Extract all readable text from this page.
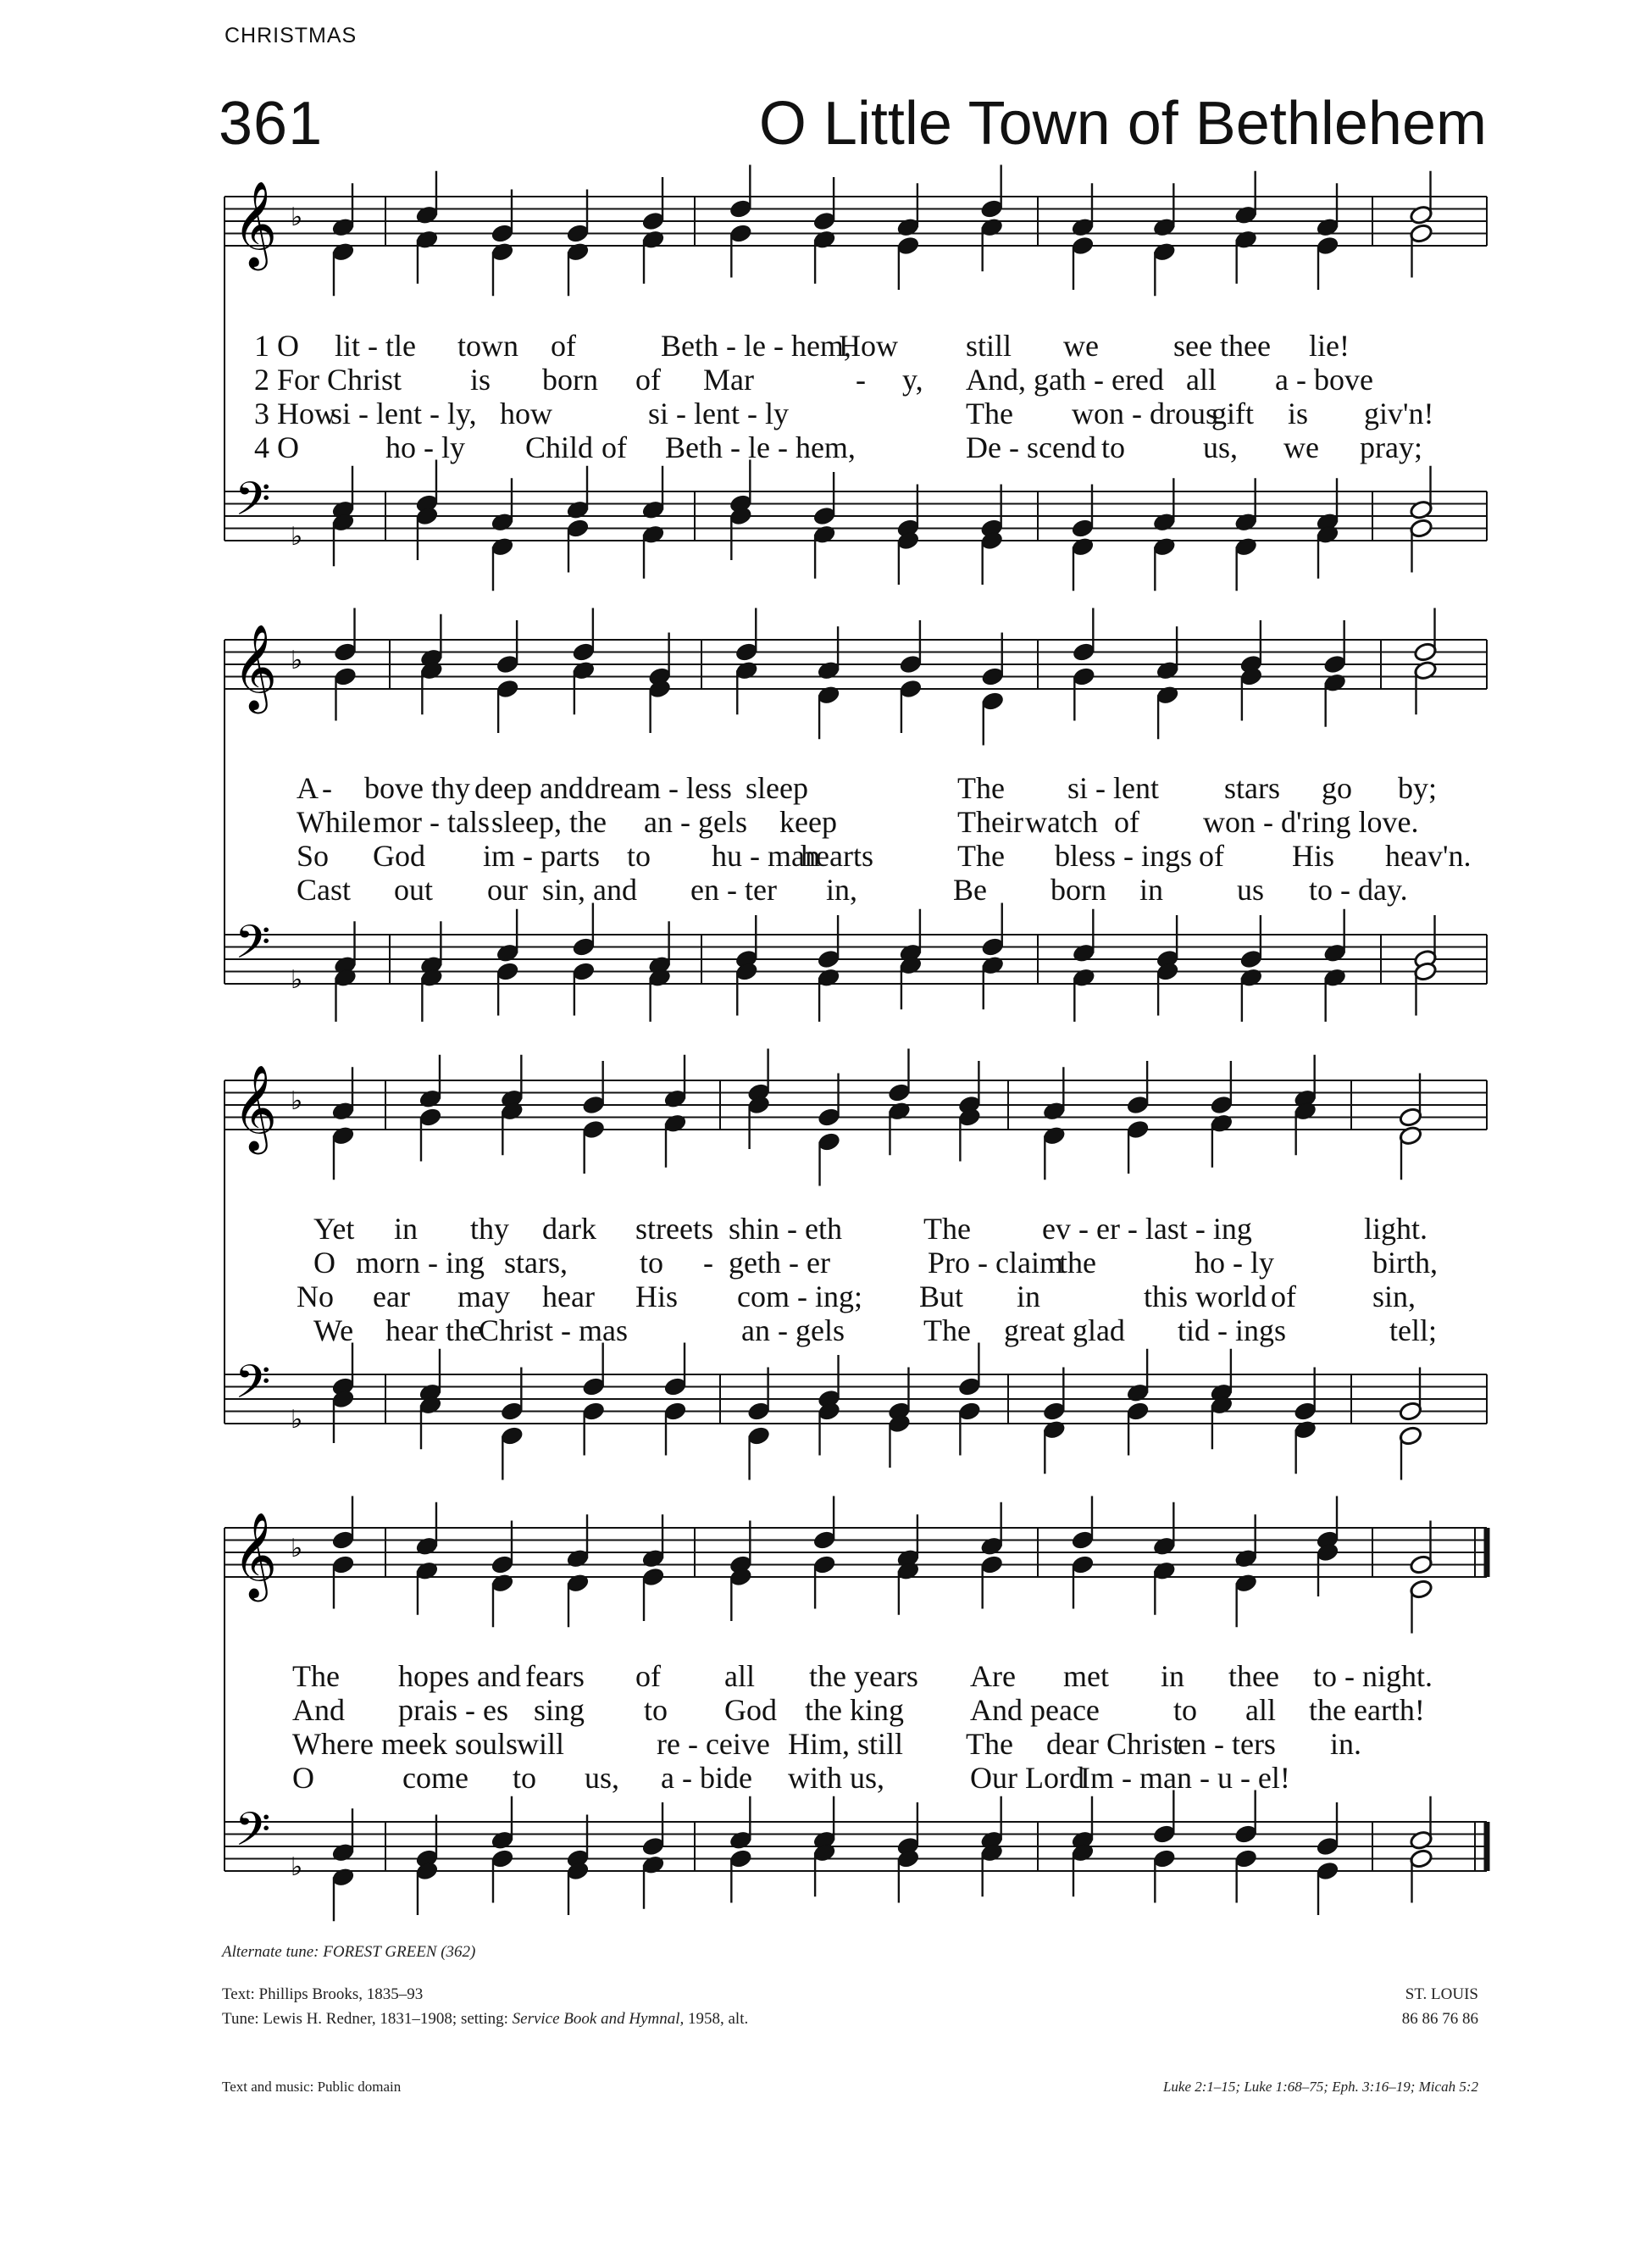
CHRISTMAS
361	O Little Town of Bethlehem
𝄞
𝄢
♭
♭
𝄞
𝄢
♭
♭
𝄞
𝄢
♭
♭
𝄞
𝄢
♭
♭
1 O lit - tle town of	Beth - le - hem,
How still we see thee lie!
2 For Christ is born of Mar	- y, And, gath - ered all a - bove
3 How
si - lent - ly, how	si - lent - ly	The won - drous
gift is giv'n!
4 O	ho - ly Child of Beth - le - hem,	De - scend to	us, we pray;
A - bove thy deep and dream - less sleep	The si - lent stars go by;
While mor - tals sleep, the an - gels keep	Their watch of won - d'ring love.
So God im - parts to hu - man
hearts	The bless - ings of His heav'n.
Cast out our sin, and en - ter in,	Be born in us to - day.
Yet in thy dark streets shin - eth	The ev - er - last - ing	light.
O morn - ing stars, to - geth - er	Pro - claim
the	ho - ly	birth,
No ear may hear His com - ing; But in	this world of	sin,
We hear the
Christ - mas	an - gels	The great glad tid - ings	tell;
The hopes and fears of all the years Are met in thee to - night.
And prais - es sing to God the king And peace to all the earth!
Where meek souls will	re - ceive Him, still The dear Christ
en - ters in.
O	come to us, a - bide with us,	Our Lord
Im - man - u - el!
Alternate tune: FOREST GREEN (362)
Text: Phillips Brooks, 1835–93
Tune: Lewis H. Redner, 1831–1908; setting: Service Book and Hymnal, 1958, alt.
ST. LOUIS
86 86 76 86
Text and music: Public domain	Luke 2:1–15; Luke 1:68–75; Eph. 3:16–19; Micah 5:2
